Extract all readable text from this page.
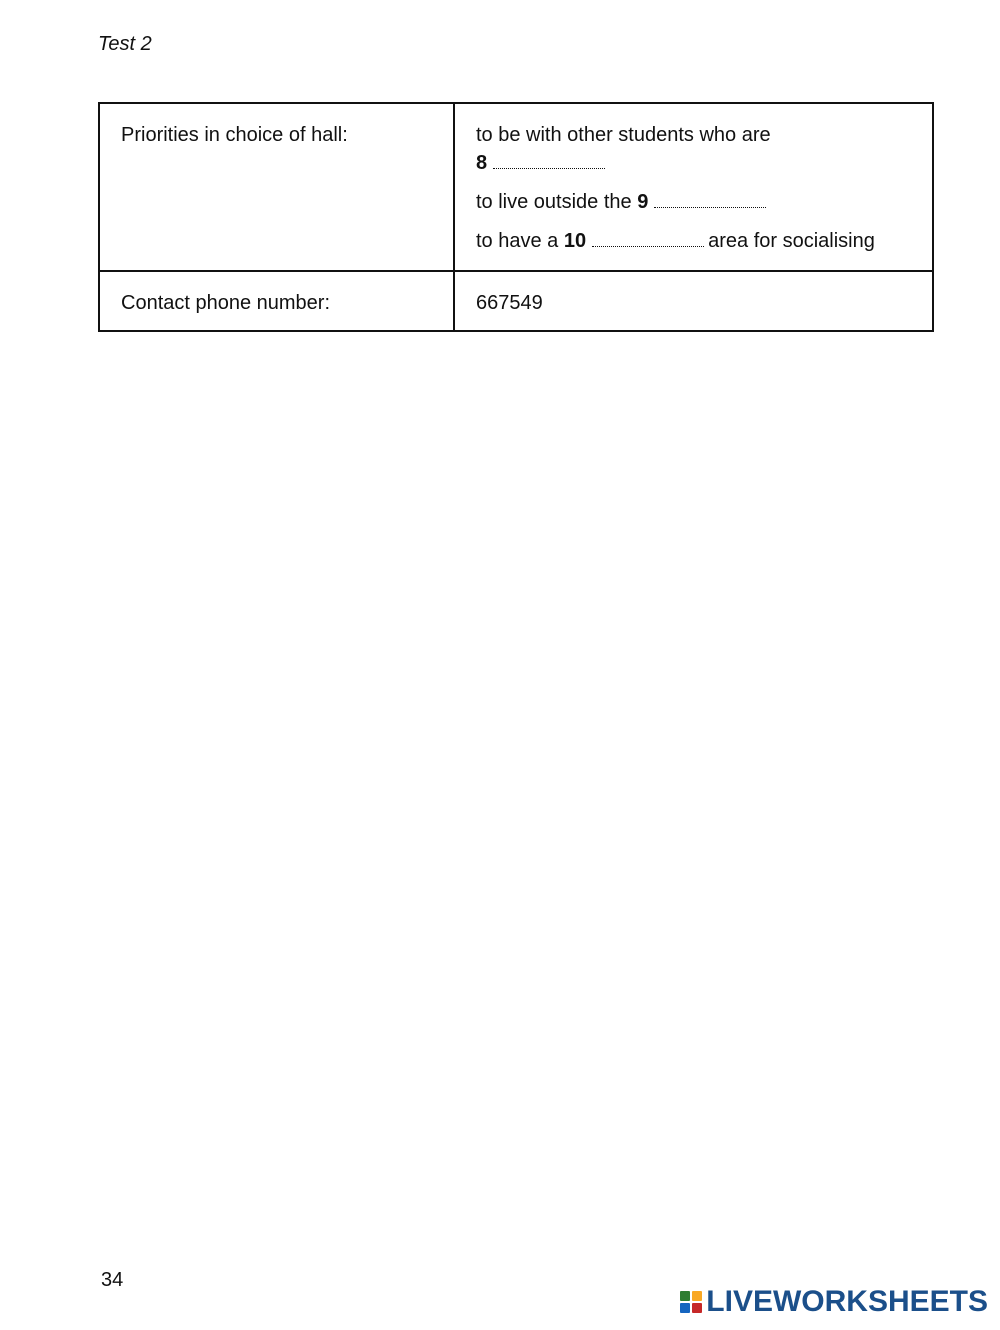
Test 2
Priorities in choice of hall:	to be with other students who are
8
to live outside the 9
to have a 10 area for socialising

Contact phone number:	667549
34
LIVEWORKSHEETS
